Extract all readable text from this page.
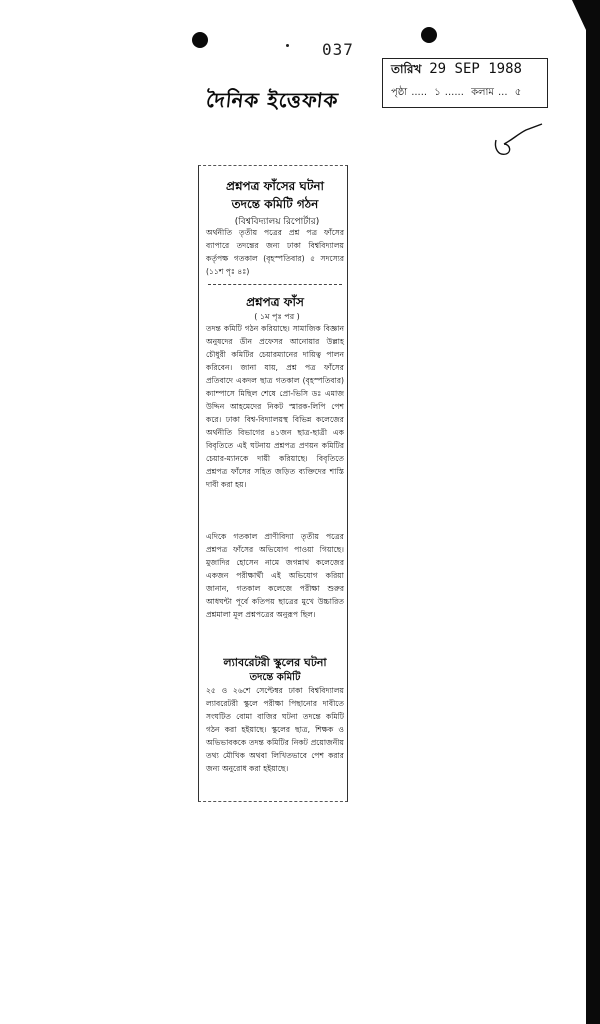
037
দৈনিক ইত্তেফাক
তারিখ 29 SEP 1988
পৃষ্ঠা ..... ১ ...... কলাম ... ৫
প্রশ্নপত্র ফাঁসের ঘটনা
তদন্তে কমিটি গঠন
(বিশ্ববিদ্যালয় রিপোর্টার)
অর্থনীতি তৃতীয় পত্রের প্রশ্ন পত্র ফাঁসের ব্যাপারে তদন্তের জন্য ঢাকা বিশ্ববিদ্যালয় কর্তৃপক্ষ গতকাল (বৃহস্পতিবার) ৫ সদস্যের (১১শ পৃঃ ৪ঃ)
প্রশ্নপত্র ফাঁস
( ১ম পৃঃ পর )
তদন্ত কমিটি গঠন করিয়াছে। সামাজিক বিজ্ঞান অনুষদের ডীন প্রফেসর আনোয়ার উল্লাহ চৌধুরী কমিটির চেয়ারম্যানের দায়িত্ব পালন করিবেন। জানা যায়, প্রশ্ন পত্র ফাঁসের প্রতিবাদে একদল ছাত্র গতকাল (বৃহস্পতিবার) ক্যাম্পাসে মিছিল শেষে প্রো-ভিসি ডঃ এমাজ উদ্দিন আহমেদের নিকট স্মারক-লিপি পেশ করে। ঢাকা বিশ্ব-বিদ্যালয়স্থ বিভিন্ন কলেজের অর্থনীতি বিভাগের ৪১জন ছাত্র-ছাত্রী এক বিবৃতিতে এই ঘটনায় প্রশ্নপত্র প্রণয়ন কমিটির চেয়ার-ম্যানকে দায়ী করিয়াছে। বিবৃতিতে প্রশ্নপত্র ফাঁসের সহিত জড়িত ব্যক্তিদের শাস্তি দাবী করা হয়।
এদিকে গতকাল প্রাণীবিদ্যা তৃতীয় পত্রের প্রশ্নপত্র ফাঁসের অভিযোগ পাওয়া গিয়াছে। মুজাদির হোসেন নামে জগন্নাথ কলেজের একজন পরীক্ষার্থী এই অভিযোগ করিয়া জানান, গতকাল কলেজে পরীক্ষা শুরুর আধঘন্টা পূর্বে কতিপয় ছাত্রের মুখে উচ্চারিত প্রশ্নমালা মূল প্রশ্নপত্রের অনুরূপ ছিল।
ল্যাবরেটরী স্কুলের ঘটনা
তদন্তে কমিটি
২৫ ও ২৬শে সেপ্টেম্বর ঢাকা বিশ্ববিদ্যালয় ল্যাবরেটরী স্কুলে পরীক্ষা পিছানোর দাবীতে সংঘটিত বোমা বাজির ঘটনা তদন্তে কমিটি গঠন করা হইয়াছে। স্কুলের ছাত্র, শিক্ষক ও অভিভাবককে তদন্ত কমিটির নিকট প্রয়োজনীয় তথ্য মৌখিক অথবা লিখিতভাবে পেশ করার জন্য অনুরোধ করা হইয়াছে।
